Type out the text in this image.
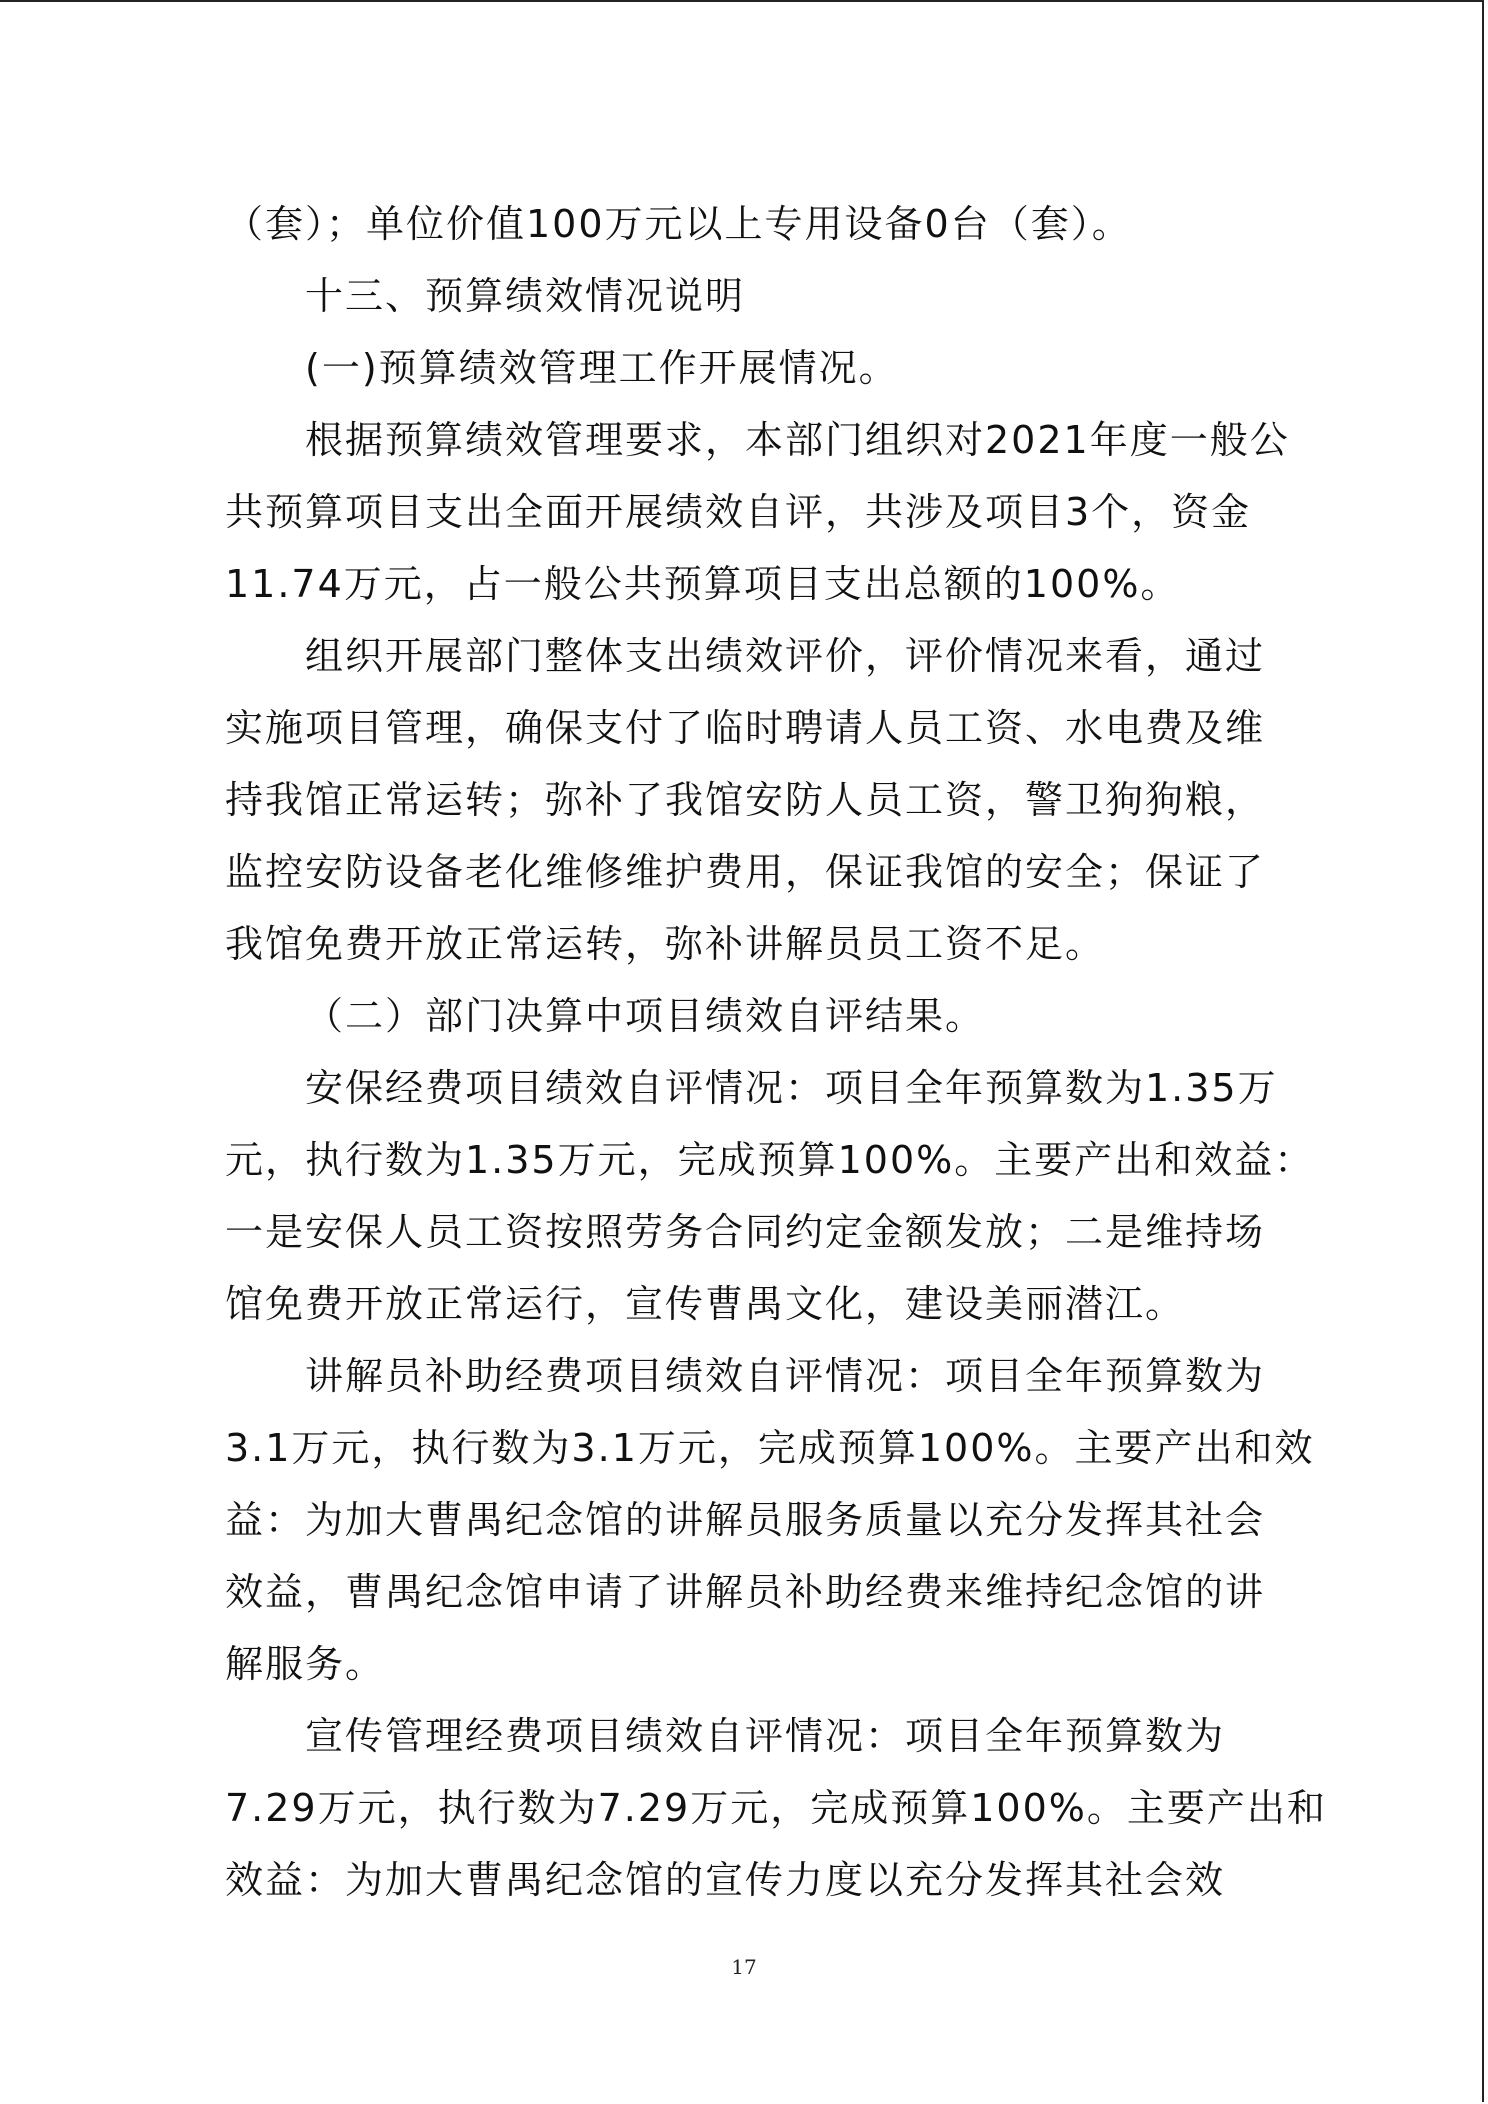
（套）；单位价值100万元以上专用设备0台（套）。
十三、预算绩效情况说明
(一)预算绩效管理工作开展情况。
根据预算绩效管理要求，本部门组织对2021年度一般公
共预算项目支出全面开展绩效自评，共涉及项目3个，资金
11.74万元，占一般公共预算项目支出总额的100%。
组织开展部门整体支出绩效评价，评价情况来看，通过
实施项目管理，确保支付了临时聘请人员工资、水电费及维
持我馆正常运转；弥补了我馆安防人员工资，警卫狗狗粮，
监控安防设备老化维修维护费用，保证我馆的安全；保证了
我馆免费开放正常运转，弥补讲解员员工资不足。
（二）部门决算中项目绩效自评结果。
安保经费项目绩效自评情况：项目全年预算数为1.35万
元，执行数为1.35万元，完成预算100%。主要产出和效益：
一是安保人员工资按照劳务合同约定金额发放；二是维持场
馆免费开放正常运行，宣传曹禺文化，建设美丽潜江。
讲解员补助经费项目绩效自评情况：项目全年预算数为
3.1万元，执行数为3.1万元，完成预算100%。主要产出和效
益：为加大曹禺纪念馆的讲解员服务质量以充分发挥其社会
效益，曹禺纪念馆申请了讲解员补助经费来维持纪念馆的讲
解服务。
宣传管理经费项目绩效自评情况：项目全年预算数为
7.29万元，执行数为7.29万元，完成预算100%。主要产出和
效益：为加大曹禺纪念馆的宣传力度以充分发挥其社会效
17
